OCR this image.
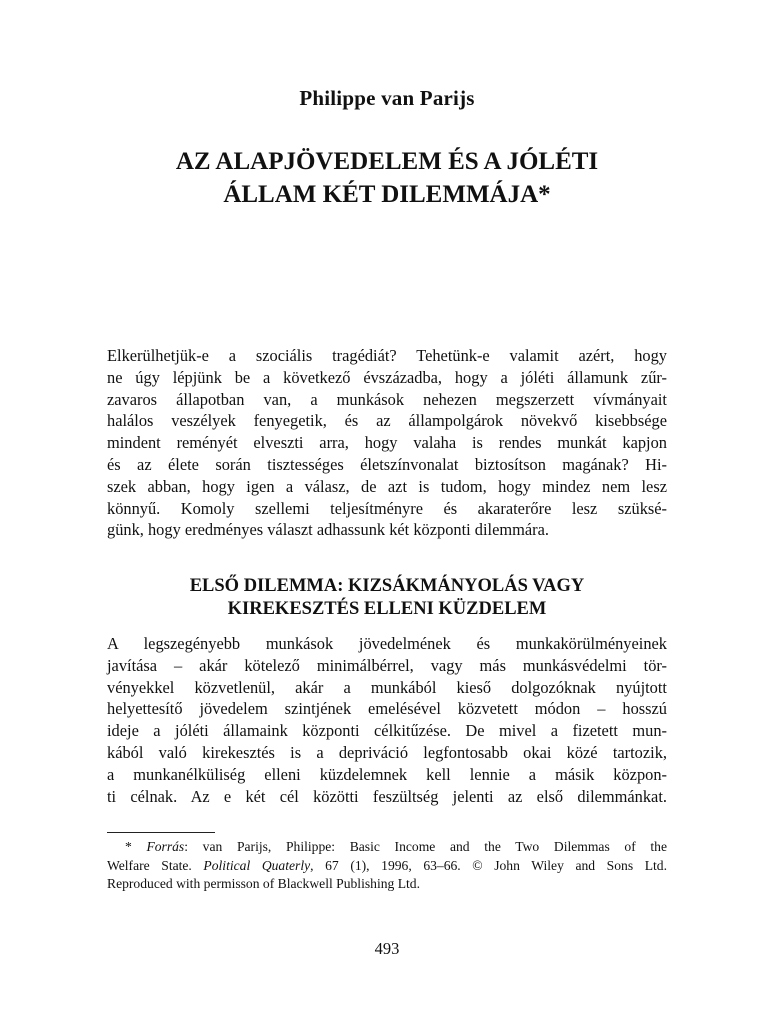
Philippe van Parijs
AZ ALAPJÖVEDELEM ÉS A JÓLÉTI
ÁLLAM KÉT DILEMMÁJA*

Elkerülhetjük-e a szociális tragédiát? Tehetünk-e valamit azért, hogy
ne úgy lépjünk be a következő évszázadba, hogy a jóléti államunk zűr-
zavaros állapotban van, a munkások nehezen megszerzett vívmányait
halálos veszélyek fenyegetik, és az állampolgárok növekvő kisebbsége
mindent reményét elveszti arra, hogy valaha is rendes munkát kapjon
és az élete során tisztességes életszínvonalat biztosítson magának? Hi-
szek abban, hogy igen a válasz, de azt is tudom, hogy mindez nem lesz
könnyű. Komoly szellemi teljesítményre és akaraterőre lesz szüksé-
günk, hogy eredményes választ adhassunk két központi dilemmára.

ELSŐ DILEMMA: KIZSÁKMÁNYOLÁS VAGY
KIREKESZTÉS ELLENI KÜZDELEM

A legszegényebb munkások jövedelmének és munkakörülményeinek
javítása – akár kötelező minimálbérrel, vagy más munkásvédelmi tör-
vényekkel közvetlenül, akár a munkából kieső dolgozóknak nyújtott
helyettesítő jövedelem szintjének emelésével közvetett módon – hosszú
ideje a jóléti államaink központi célkitűzése. De mivel a fizetett mun-
kából való kirekesztés is a depriváció legfontosabb okai közé tartozik,
a munkanélküliség elleni küzdelemnek kell lennie a másik közpon-
ti célnak. Az e két cél közötti feszültség jelenti az első dilemmánkat.

* Forrás: van Parijs, Philippe: Basic Income and the Two Dilemmas of the
Welfare State. Political Quaterly, 67 (1), 1996, 63–66. © John Wiley and Sons Ltd.
Reproduced with permisson of Blackwell Publishing Ltd.

493
